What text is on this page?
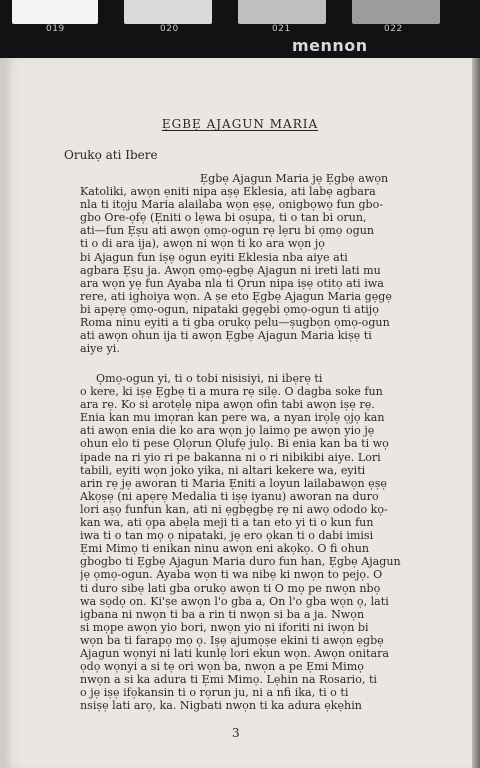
019	020	021	022
mennon
ẸGBẸ AJAGUN MARIA
Orukọ ati Ibere
Ẹgbẹ Ajagun Maria jẹ Ẹgbẹ awọn
Katoliki, awọn ẹniti nipa aṣẹ Eklesia, ati labẹ agbara
nla ti itọju Maria alailaba wọn ẹṣẹ, onigbọwọ fun gbo-
gbo Ore-ọfẹ (Ẹniti o lẹwa bi oṣupa, ti o tan bi orun,
ati—fun Ẹṣu ati awọn ọmọ-ogun rẹ lẹru bi ọmọ ogun
ti o di ara ija), awọn ni wọn ti ko ara wọn jọ
bi Ajagun fun iṣẹ ogun eyiti Eklesia nba aiye ati
agbara Ẹṣu ja. Awọn ọmọ-ẹgbẹ Ajagun ni ireti lati mu
ara wọn yẹ fun Ayaba nla ti Ọrun nipa iṣẹ otitọ ati iwa
rere, ati ighoiya wọn. A ṣe eto Ẹgbẹ Ajagun Maria gẹgẹ
bi apẹrẹ ọmọ-ogun, nipataki gẹgẹbi ọmọ-ogun ti atijọ
Roma ninu eyiti a ti gba orukọ pelu—ṣugbọn ọmọ-ogun
ati awọn ohun ija ti awọn Ẹgbẹ Ajagun Maria kiṣẹ ti
aiye yi.
Ọmọ-ogun yi, ti o tobi nisisiyi, ni ibẹrẹ ti
o kere, ki iṣẹ Ẹgbẹ ti a mura rẹ silẹ. O dagba soke fun
ara rẹ. Ko si arotẹlẹ nipa awọn ofin tabi awọn iṣẹ rẹ.
Enia kan mu imọran kan pere wa, a nyan irọlẹ ọjọ kan
ati awọn enia die ko ara wọn jọ laimọ pe awọn yio jẹ
ohun elo ti pese Ọlọrun Ọlufẹ julọ. Bi enia kan ba ti wọ
ipade na ri yio ri pe bakanna ni o ri nibikibi aiye. Lori
tabili, eyiti wọn joko yika, ni altari kekere wa, eyiti
arin rẹ jẹ aworan ti Maria Ẹniti a loyun lailabawọn ẹṣẹ
Akọṣẹ (ni apẹrẹ Medalia ti iṣẹ iyanu) aworan na duro
lori aṣọ funfun kan, ati ni ẹgbẹgbẹ rẹ ni awọ ododo kọ-
kan wa, ati ọpa abẹla meji ti a tan eto yi ti o kun fun
iwa ti o tan mọ ọ nipataki, jẹ ero ọkan ti o dabi imisi
Ẹmi Mimọ ti enikan ninu awọn eni akọkọ. O fi ohun
gbogbo ti Ẹgbẹ Ajagun Maria duro fun han, Ẹgbẹ Ajagun
jẹ ọmọ-ogun. Ayaba wọn ti wa nibẹ ki nwọn to pejọ. O
ti duro sibẹ lati gba orukọ awọn ti O mọ pe nwọn nbọ
wa sọdọ on. Ki'ṣe awọn l'o gba a, On l'o gba wọn ọ, lati
igbana ni nwọn ti ba a rin ti nwọn si ba a ja. Nwọn
si mọpe awọn yio bori, nwọn yio ni iforiti ni iwọn bi
wọn ba ti farapọ mọ ọ. Iṣẹ ajumọṣe ekini ti awọn ẹgbẹ
Ajagun wọnyi ni lati kunlẹ lori ekun wọn. Awọn onitara
ọdọ wọnyi a si tẹ ori wọn ba, nwọn a pe Ẹmi Mimọ
nwọn a si ka adura ti Ẹmi Mimọ. Lẹhin na Rosario, ti
o jẹ iṣẹ ifọkansin ti o rọrun ju, ni a nfi ika, ti o ti
nsiṣẹ lati arọ, ka. Nigbati nwọn ti ka adura ẹkẹhin
3
